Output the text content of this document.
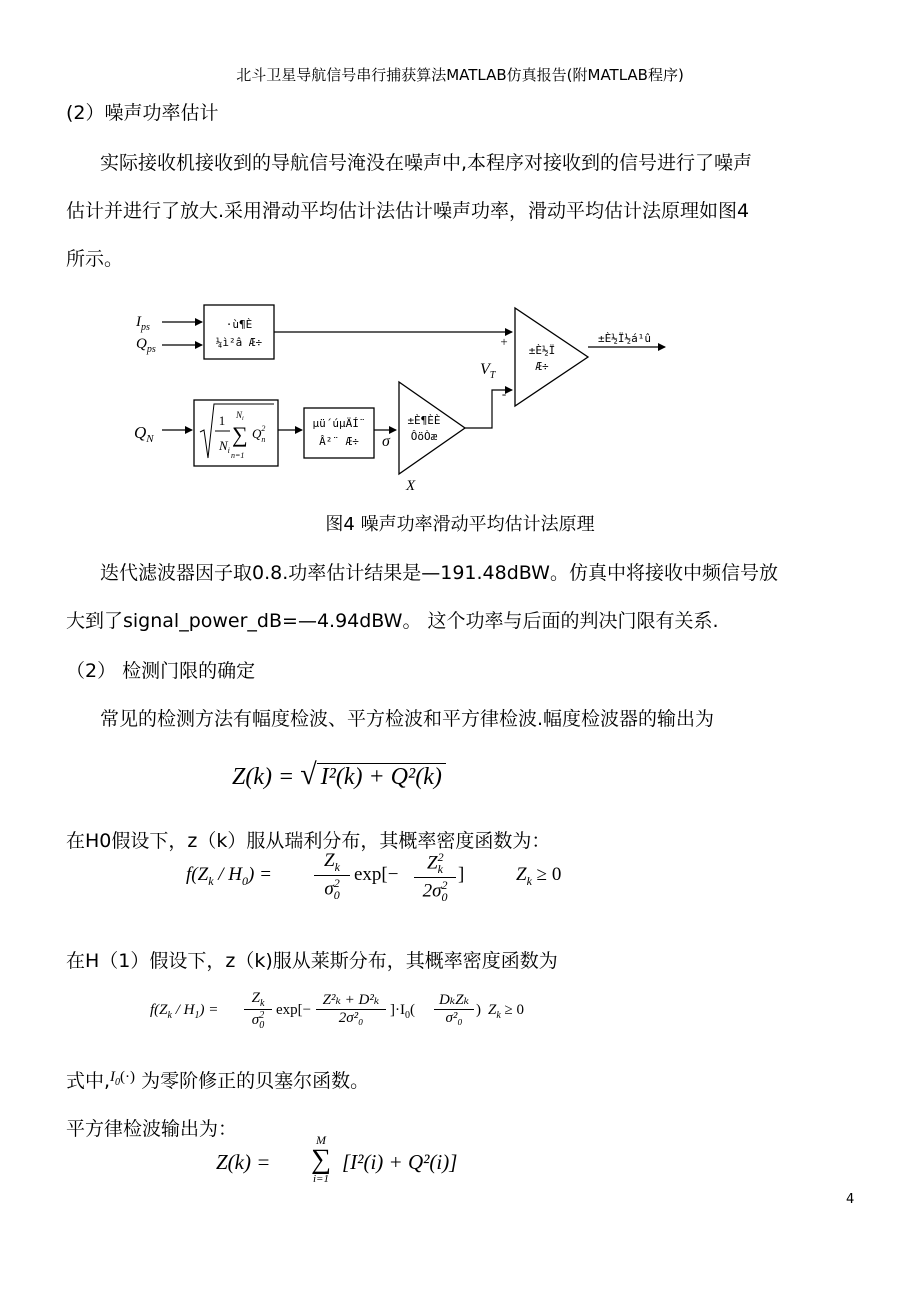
北斗卫星导航信号串行捕获算法MATLAB仿真报告(附MATLAB程序)
(2）噪声功率估计
实际接收机接收到的导航信号淹没在噪声中,本程序对接收到的信号进行了噪声
估计并进行了放大.采用滑动平均估计法估计噪声功率，滑动平均估计法原理如图4
所示。
$I_{ps}$
$Q_{ps}$
·ù¶È
¼ì²â Æ÷	+
-
±È½Ï
Æ÷
±È½Ï½á¹û
$V_T$
$Q_N$
1
$N_i$
$N_i$
∑
n=1
$Q^2$ n
µü´úµÄÍ¨
Â²¨ Æ÷ σ
±È¶ÈÈ
ÔöÒæ
X
图4 噪声功率滑动平均估计法原理
迭代滤波器因子取0.8.功率估计结果是—191.48dBW。仿真中将接收中频信号放
大到了signal_power_dB=—4.94dBW。 这个功率与后面的判决门限有关系.
（2） 检测门限的确定
常见的检测方法有幅度检波、平方检波和平方律检波.幅度检波器的输出为
Z(k) = √ I²(k) + Q²(k)
在H0假设下，z（k）服从瑞利分布，其概率密度函数为：
$f(Z_k / H_0)$ =
$Z_k$
$\sigma^2_0$
exp[−
$Z^2_k$
$2\sigma^2_0$
]	$Z_k \ge 0$
在H（1）假设下，z（k)服从莱斯分布，其概率密度函数为
$f(Z_k / H_1)$ =
$Z_k$
$\sigma^2_0$
exp[−
Z²ₖ + D²ₖ
2σ²₀	]$\cdot I_0$(
DₖZₖ
σ²₀ ) $Z_k \ge 0$
式中,$^{I_0(\cdot)}$ 为零阶修正的贝塞尔函数。
平方律检波输出为：
Z(k) =
M
∑
i=1
[I²(i) + Q²(i)]
4
